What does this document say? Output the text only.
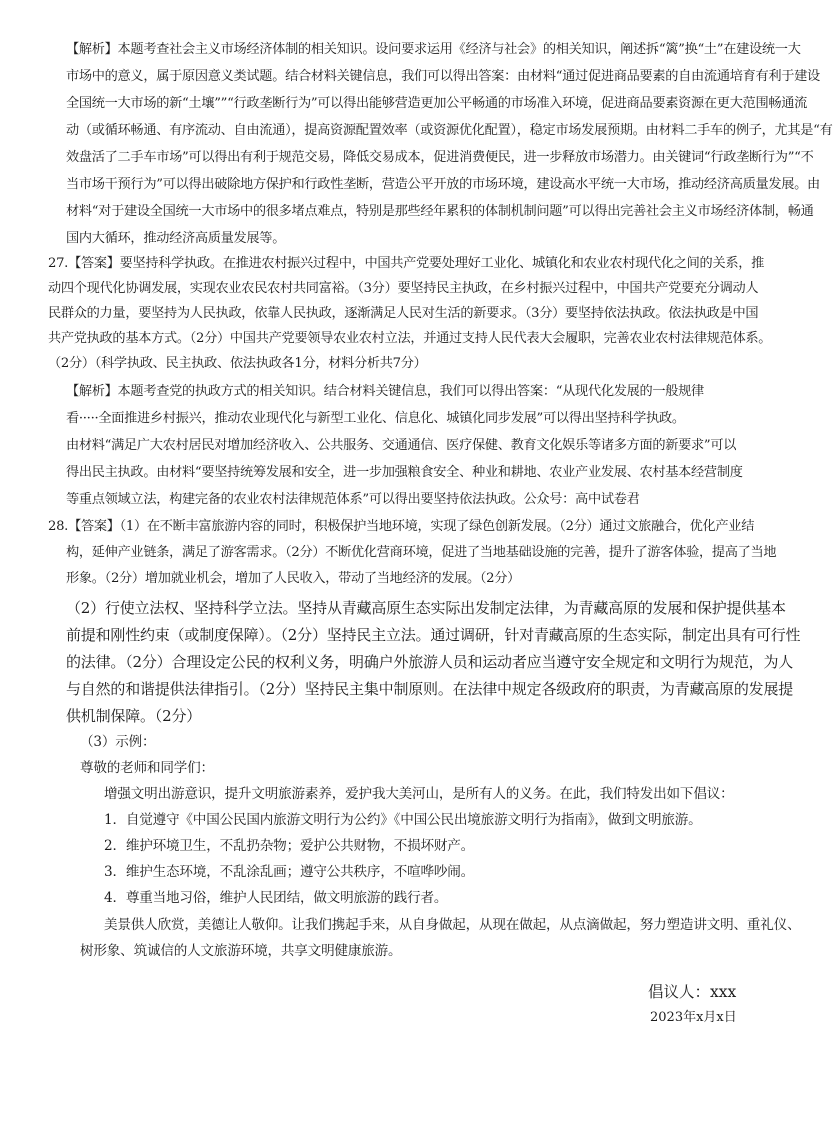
【解析】本题考查社会主义市场经济体制的相关知识。设问要求运用《经济与社会》的相关知识，阐述拆“篱”换“土”在建设统一大
市场中的意义，属于原因意义类试题。结合材料关键信息，我们可以得出答案：由材料“通过促进商品要素的自由流通培育有利于建设
全国统一大市场的新“土壤””“行政垄断行为”可以得出能够营造更加公平畅通的市场准入环境，促进商品要素资源在更大范围畅通流
动（或循环畅通、有序流动、自由流通），提高资源配置效率（或资源优化配置），稳定市场发展预期。由材料二手车的例子，尤其是“有
效盘活了二手车市场”可以得出有利于规范交易，降低交易成本，促进消费便民，进一步释放市场潜力。由关键词“行政垄断行为”“不
当市场干预行为”可以得出破除地方保护和行政性垄断，营造公平开放的市场环境，建设高水平统一大市场，推动经济高质量发展。由
材料“对于建设全国统一大市场中的很多堵点难点，特别是那些经年累积的体制机制问题”可以得出完善社会主义市场经济体制，畅通
国内大循环，推动经济高质量发展等。
27.【答案】要坚持科学执政。在推进农村振兴过程中，中国共产党要处理好工业化、城镇化和农业农村现代化之间的关系，推
动四个现代化协调发展，实现农业农民农村共同富裕。（3分）要坚持民主执政，在乡村振兴过程中，中国共产党要充分调动人
民群众的力量，要坚持为人民执政，依靠人民执政，逐渐满足人民对生活的新要求。（3分）要坚持依法执政。依法执政是中国
共产党执政的基本方式。（2分）中国共产党要领导农业农村立法，并通过支持人民代表大会履职，完善农业农村法律规范体系。
（2分）（科学执政、民主执政、依法执政各1分，材料分析共7分）
【解析】本题考查党的执政方式的相关知识。结合材料关键信息，我们可以得出答案：“从现代化发展的一般规律
看·····全面推进乡村振兴，推动农业现代化与新型工业化、信息化、城镇化同步发展”可以得出坚持科学执政。
由材料“满足广大农村居民对增加经济收入、公共服务、交通通信、医疗保健、教育文化娱乐等诸多方面的新要求”可以
得出民主执政。由材料“要坚持统筹发展和安全，进一步加强粮食安全、种业和耕地、农业产业发展、农村基本经营制度
等重点领域立法，构建完备的农业农村法律规范体系”可以得出要坚持依法执政。公众号：高中试卷君
28.【答案】（1）在不断丰富旅游内容的同时，积极保护当地环境，实现了绿色创新发展。（2分）通过文旅融合，优化产业结
构，延伸产业链条，满足了游客需求。（2分）不断优化营商环境，促进了当地基础设施的完善，提升了游客体验，提高了当地
形象。（2分）增加就业机会，增加了人民收入，带动了当地经济的发展。（2分）
（2）行使立法权、坚持科学立法。坚持从青藏高原生态实际出发制定法律，为青藏高原的发展和保护提供基本
前提和刚性约束（或制度保障）。（2分）坚持民主立法。通过调研，针对青藏高原的生态实际，制定出具有可行性
的法律。（2分）合理设定公民的权利义务，明确户外旅游人员和运动者应当遵守安全规定和文明行为规范，为人
与自然的和谐提供法律指引。（2分）坚持民主集中制原则。在法律中规定各级政府的职责，为青藏高原的发展提
供机制保障。（2分）
（3）示例：
尊敬的老师和同学们：
增强文明出游意识，提升文明旅游素养，爱护我大美河山，是所有人的义务。在此，我们特发出如下倡议：
1．自觉遵守《中国公民国内旅游文明行为公约》《中国公民出境旅游文明行为指南》，做到文明旅游。
2．维护环境卫生，不乱扔杂物；爱护公共财物，不损坏财产。
3．维护生态环境，不乱涂乱画；遵守公共秩序，不喧哗吵闹。
4．尊重当地习俗，维护人民团结，做文明旅游的践行者。
美景供人欣赏，美德让人敬仰。让我们携起手来，从自身做起，从现在做起，从点滴做起，努力塑造讲文明、重礼仪、
树形象、筑诚信的人文旅游环境，共享文明健康旅游。
倡议人：xxx
2023年x月x日
